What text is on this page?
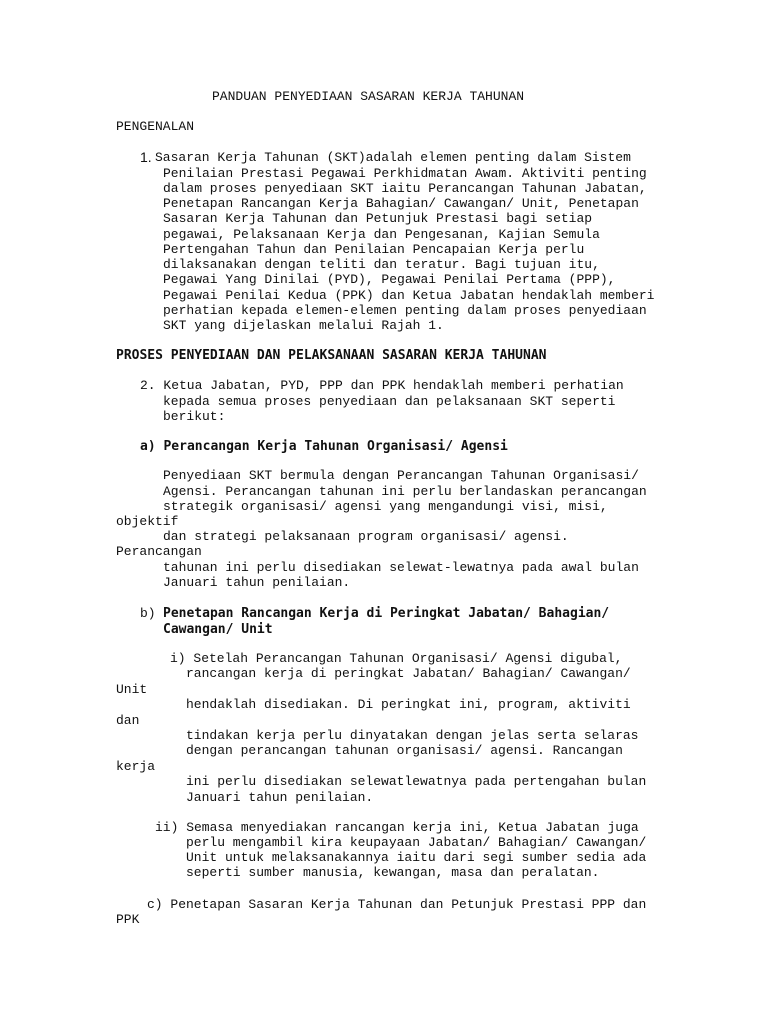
PANDUAN PENYEDIAAN SASARAN KERJA TAHUNAN
PENGENALAN
1. Sasaran Kerja Tahunan (SKT)adalah elemen penting dalam Sistem
Penilaian Prestasi Pegawai Perkhidmatan Awam. Aktiviti penting
dalam proses penyediaan SKT iaitu Perancangan Tahunan Jabatan,
Penetapan Rancangan Kerja Bahagian/ Cawangan/ Unit, Penetapan
Sasaran Kerja Tahunan dan Petunjuk Prestasi bagi setiap
pegawai, Pelaksanaan Kerja dan Pengesanan, Kajian Semula
Pertengahan Tahun dan Penilaian Pencapaian Kerja perlu
dilaksanakan dengan teliti dan teratur. Bagi tujuan itu,
Pegawai Yang Dinilai (PYD), Pegawai Penilai Pertama (PPP),
Pegawai Penilai Kedua (PPK) dan Ketua Jabatan hendaklah memberi
perhatian kepada elemen-elemen penting dalam proses penyediaan
SKT yang dijelaskan melalui Rajah 1.
PROSES PENYEDIAAN DAN PELAKSANAAN SASARAN KERJA TAHUNAN
2. Ketua Jabatan, PYD, PPP dan PPK hendaklah memberi perhatian
kepada semua proses penyediaan dan pelaksanaan SKT seperti
berikut:
a) Perancangan Kerja Tahunan Organisasi/ Agensi
Penyediaan SKT bermula dengan Perancangan Tahunan Organisasi/
Agensi. Perancangan tahunan ini perlu berlandaskan perancangan
strategik organisasi/ agensi yang mengandungi visi, misi,
objektif
dan strategi pelaksanaan program organisasi/ agensi.
Perancangan
tahunan ini perlu disediakan selewat-lewatnya pada awal bulan
Januari tahun penilaian.
b) Penetapan Rancangan Kerja di Peringkat Jabatan/ Bahagian/
Cawangan/ Unit
i) Setelah Perancangan Tahunan Organisasi/ Agensi digubal,
rancangan kerja di peringkat Jabatan/ Bahagian/ Cawangan/
Unit
hendaklah disediakan. Di peringkat ini, program, aktiviti
dan
tindakan kerja perlu dinyatakan dengan jelas serta selaras
dengan perancangan tahunan organisasi/ agensi. Rancangan
kerja
ini perlu disediakan selewatlewatnya pada pertengahan bulan
Januari tahun penilaian.
ii) Semasa menyediakan rancangan kerja ini, Ketua Jabatan juga
perlu mengambil kira keupayaan Jabatan/ Bahagian/ Cawangan/
Unit untuk melaksanakannya iaitu dari segi sumber sedia ada
seperti sumber manusia, kewangan, masa dan peralatan.
c) Penetapan Sasaran Kerja Tahunan dan Petunjuk Prestasi PPP dan
PPK
